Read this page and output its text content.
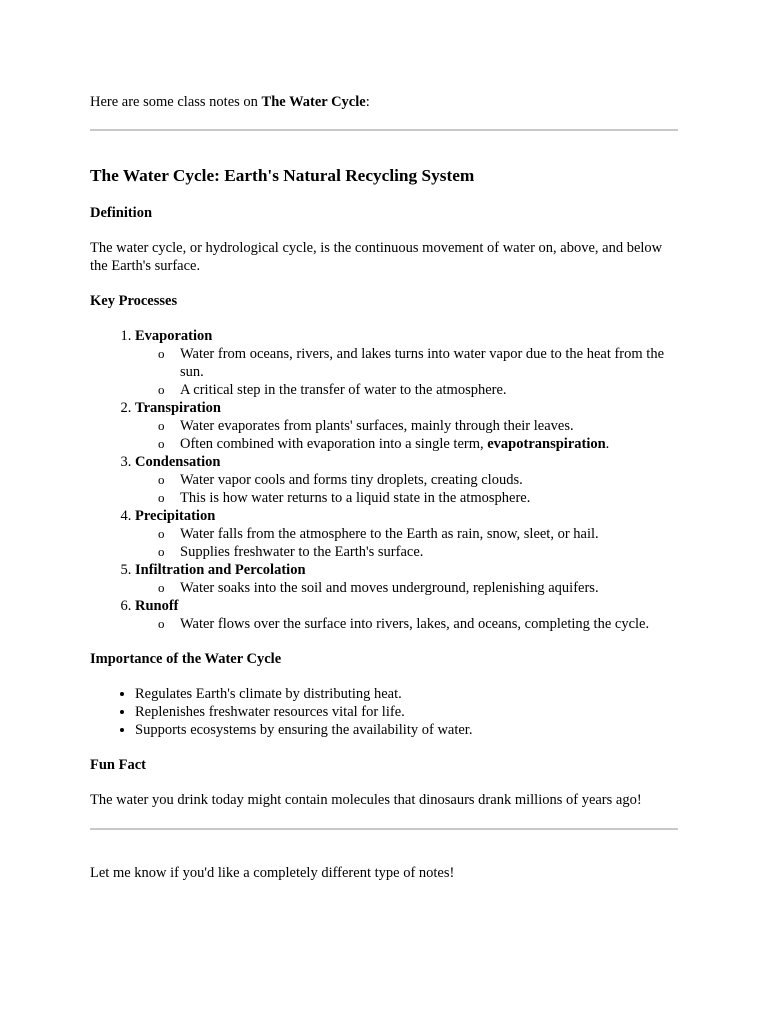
Here are some class notes on The Water Cycle:

The Water Cycle: Earth's Natural Recycling System
Definition

The water cycle, or hydrological cycle, is the continuous movement of water on, above, and below the Earth's surface.

Key Processes
1. Evaporation
o Water from oceans, rivers, and lakes turns into water vapor due to the heat from the sun.
o A critical step in the transfer of water to the atmosphere.
2. Transpiration
o Water evaporates from plants' surfaces, mainly through their leaves.
o Often combined with evaporation into a single term, evapotranspiration.
3. Condensation
o Water vapor cools and forms tiny droplets, creating clouds.
o This is how water returns to a liquid state in the atmosphere.
4. Precipitation
o Water falls from the atmosphere to the Earth as rain, snow, sleet, or hail.
o Supplies freshwater to the Earth's surface.
5. Infiltration and Percolation
o Water soaks into the soil and moves underground, replenishing aquifers.
6. Runoff
o Water flows over the surface into rivers, lakes, and oceans, completing the cycle.
Importance of the Water Cycle
• Regulates Earth's climate by distributing heat.
• Replenishes freshwater resources vital for life.
• Supports ecosystems by ensuring the availability of water.
Fun Fact

The water you drink today might contain molecules that dinosaurs drank millions of years ago!

Let me know if you'd like a completely different type of notes!
